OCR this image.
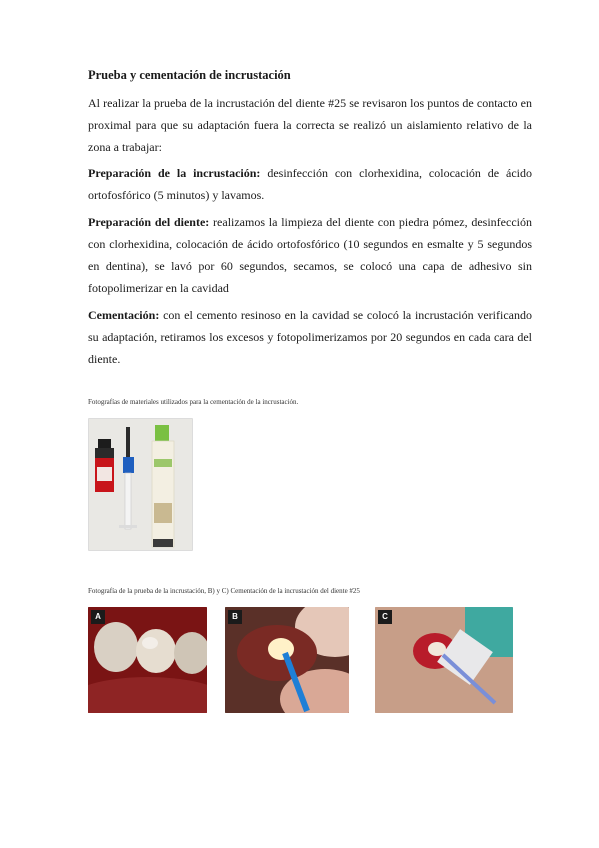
Prueba y cementación de incrustación

Al realizar la prueba de la incrustación del diente #25 se revisaron los puntos de contacto en proximal para que su adaptación fuera la correcta se realizó un aislamiento relativo de la zona a trabajar:

Preparación de la incrustación: desinfección con clorhexidina, colocación de ácido ortofosfórico (5 minutos) y lavamos.

Preparación del diente: realizamos la limpieza del diente con piedra pómez, desinfección con clorhexidina, colocación de ácido ortofosfórico (10 segundos en esmalte y 5 segundos en dentina), se lavó por 60 segundos, secamos, se colocó una capa de adhesivo sin fotopolimerizar en la cavidad

Cementación: con el cemento resinoso en la cavidad se colocó la incrustación verificando su adaptación, retiramos los excesos y fotopolimerizamos por 20 segundos en cada cara del diente.

Fotografías de materiales utilizados para la cementación de la incrustación.
Fotografía de la prueba de la incrustación, B) y C) Cementación de la incrustación del diente #25
A	B	C
